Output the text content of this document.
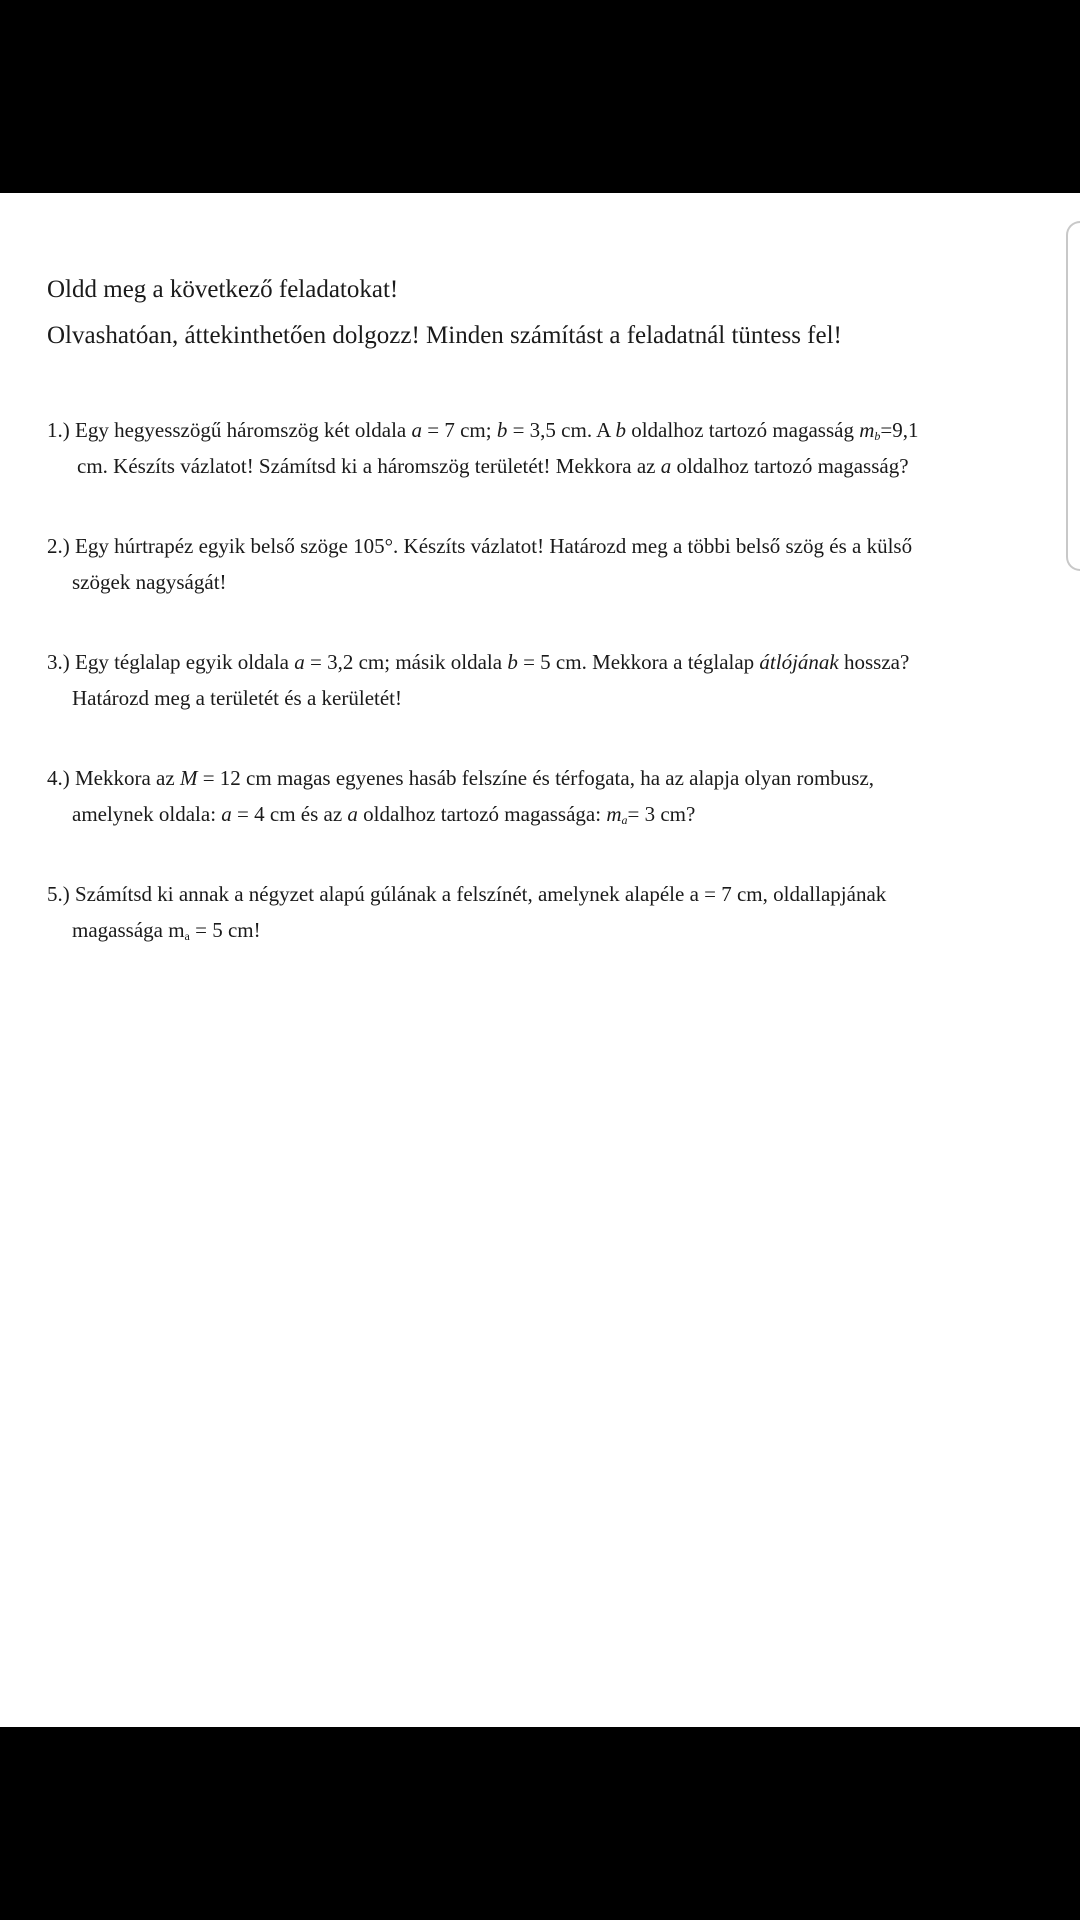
Oldd meg a következő feladatokat!

Olvashatóan, áttekinthetően dolgozz! Minden számítást a feladatnál tüntess fel!

1.) Egy hegyesszögű háromszög két oldala a = 7 cm; b = 3,5 cm. A b oldalhoz tartozó magasság $m_b=9,1$

cm. Készíts vázlatot! Számítsd ki a háromszög területét! Mekkora az a oldalhoz tartozó magasság?

2.) Egy húrtrapéz egyik belső szöge 105°. Készíts vázlatot! Határozd meg a többi belső szög és a külső

szögek nagyságát!

3.) Egy téglalap egyik oldala a = 3,2 cm; másik oldala b = 5 cm. Mekkora a téglalap átlójának hossza?

Határozd meg a területét és a kerületét!

4.) Mekkora az M = 12 cm magas egyenes hasáb felszíne és térfogata, ha az alapja olyan rombusz,

amelynek oldala: a = 4 cm és az a oldalhoz tartozó magassága: $m_a= 3$ cm?

5.) Számítsd ki annak a négyzet alapú gúlának a felszínét, amelynek alapéle a = 7 cm, oldallapjának

magassága $m_a = 5$ cm!
